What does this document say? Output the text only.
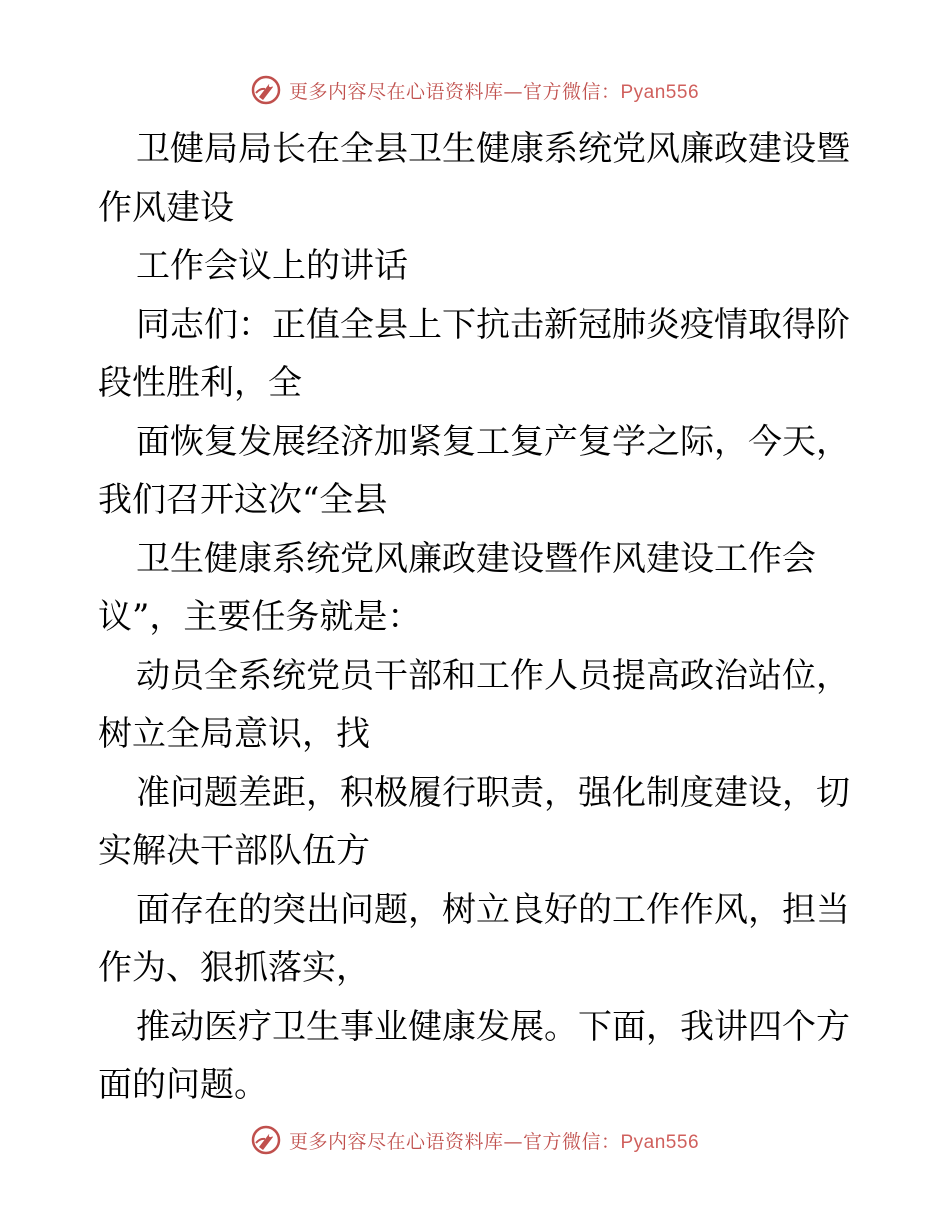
更多内容尽在心语资料库—官方微信：Pyan556
卫健局局长在全县卫生健康系统党风廉政建设暨
作风建设
工作会议上的讲话
同志们：正值全县上下抗击新冠肺炎疫情取得阶
段性胜利，全
面恢复发展经济加紧复工复产复学之际，今天，
我们召开这次“全县
卫生健康系统党风廉政建设暨作风建设工作会
议”，主要任务就是：
动员全系统党员干部和工作人员提高政治站位，
树立全局意识，找
准问题差距，积极履行职责，强化制度建设，切
实解决干部队伍方
面存在的突出问题，树立良好的工作作风，担当
作为、狠抓落实，
推动医疗卫生事业健康发展。下面，我讲四个方
面的问题。
更多内容尽在心语资料库—官方微信：Pyan556
